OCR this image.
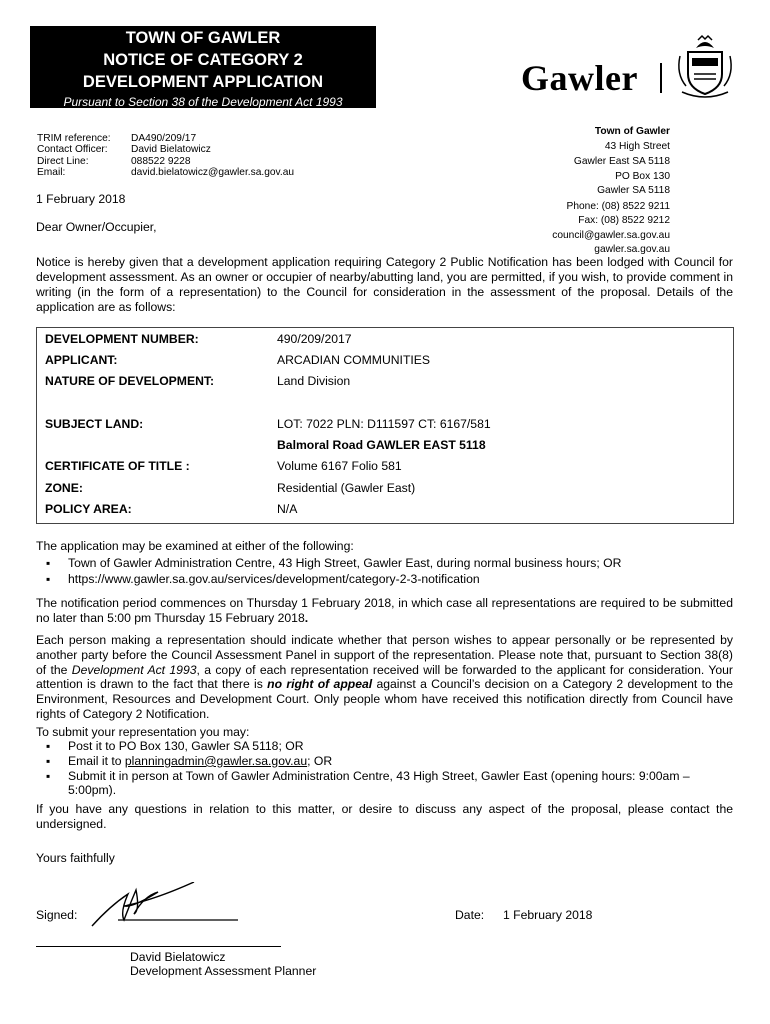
TOWN OF GAWLER
NOTICE OF CATEGORY 2
DEVELOPMENT APPLICATION
Pursuant to Section 38 of the Development Act 1993
Gawler
TRIM reference:	DA490/209/17
Contact Officer:	David Bielatowicz
Direct Line:	088522 9228
Email:	david.bielatowicz@gawler.sa.gov.au
Town of Gawler
43 High Street
Gawler East SA 5118
PO Box 130
Gawler SA 5118
Phone: (08) 8522 9211
Fax: (08) 8522 9212
council@gawler.sa.gov.au
gawler.sa.gov.au
1 February 2018
Dear Owner/Occupier,
Notice is hereby given that a development application requiring Category 2 Public Notification has been lodged with Council for development assessment. As an owner or occupier of nearby/abutting land, you are permitted, if you wish, to provide comment in writing (in the form of a representation) to the Council for consideration in the assessment of the proposal. Details of the application are as follows:
DEVELOPMENT NUMBER:	490/209/2017
APPLICANT:	ARCADIAN COMMUNITIES
NATURE OF DEVELOPMENT:	Land Division
SUBJECT LAND:	LOT: 7022 PLN: D111597 CT: 6167/581
Balmoral Road GAWLER EAST 5118
CERTIFICATE OF TITLE :	Volume 6167 Folio 581
ZONE:	Residential (Gawler East)
POLICY AREA:	N/A
The application may be examined at either of the following:
▪ Town of Gawler Administration Centre, 43 High Street, Gawler East, during normal business hours; OR
▪ https://www.gawler.sa.gov.au/services/development/category-2-3-notification
The notification period commences on Thursday 1 February 2018, in which case all representations are required to be submitted no later than 5:00 pm Thursday 15 February 2018.
Each person making a representation should indicate whether that person wishes to appear personally or be represented by another party before the Council Assessment Panel in support of the representation. Please note that, pursuant to Section 38(8) of the Development Act 1993, a copy of each representation received will be forwarded to the applicant for consideration. Your attention is drawn to the fact that there is no right of appeal against a Council’s decision on a Category 2 development to the Environment, Resources and Development Court. Only people whom have received this notification directly from Council have rights of Category 2 Notification.
To submit your representation you may:
▪ Post it to PO Box 130, Gawler SA 5118; OR
▪ Email it to planningadmin@gawler.sa.gov.au; OR
▪ Submit it in person at Town of Gawler Administration Centre, 43 High Street, Gawler East (opening hours: 9:00am – 5:00pm).
If you have any questions in relation to this matter, or desire to discuss any aspect of the proposal, please contact the undersigned.
Yours faithfully
Signed:	Date: 1 February 2018
David Bielatowicz
Development Assessment Planner
